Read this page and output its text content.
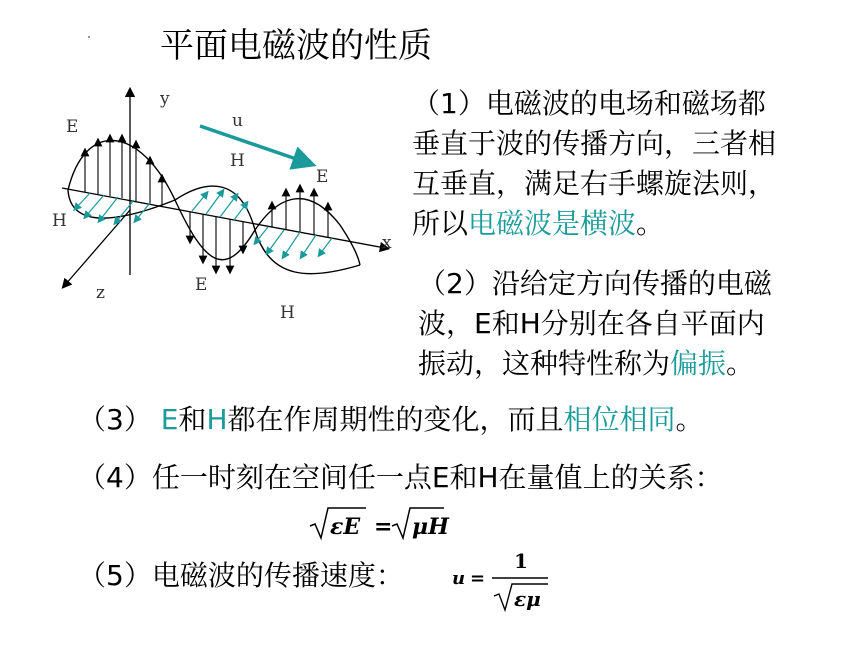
平面电磁波的性质
y
u
E
H
E
H
x
z	E
H
（1）电磁波的电场和磁场都
垂直于波的传播方向，三者相
互垂直，满足右手螺旋法则，
所以电磁波是横波。
（2）沿给定方向传播的电磁
波，E和H分别在各自平面内
振动，这种特性称为偏振。
（3） E和H都在作周期性的变化，而且相位相同。
（4）任一时刻在空间任一点E和H在量值上的关系：
εE = μH
（5）电磁波的传播速度：	u =
1
εμ
